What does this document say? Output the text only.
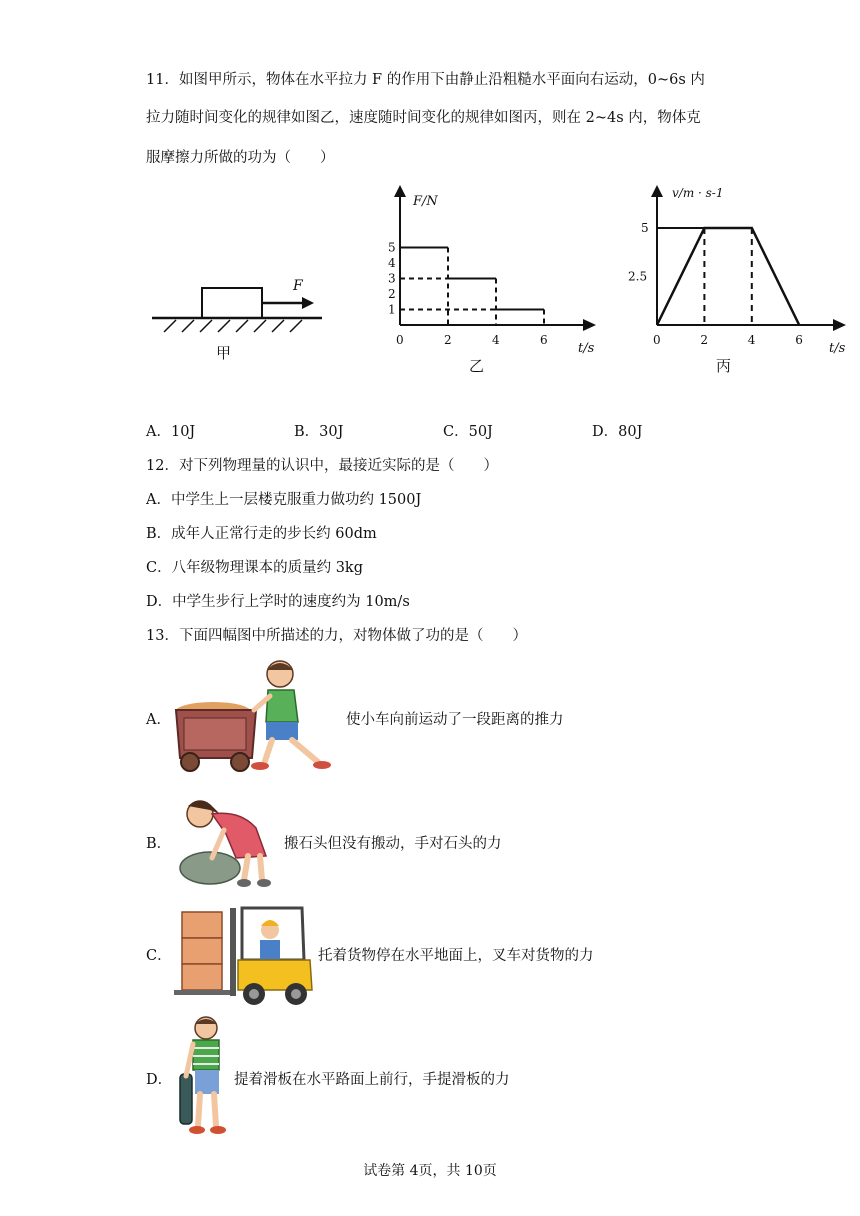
11．如图甲所示，物体在水平拉力 F 的作用下由静止沿粗糙水平面向右运动，0~6s 内
拉力随时间变化的规律如图乙，速度随时间变化的规律如图丙，则在 2~4s 内，物体克
服摩擦力所做的功为（　　）
F
甲
F/N
t/s
乙
0	2	4	6
1
2
3
4
5
v/m · s-1
t/s
丙
0	2	4	6
2.5
5
A．10J	B．30J	C．50J	D．80J
12．对下列物理量的认识中，最接近实际的是（　　）
A．中学生上一层楼克服重力做功约 1500J
B．成年人正常行走的步长约 60dm
C．八年级物理课本的质量约 3kg
D．中学生步行上学时的速度约为 10m/s
13．下面四幅图中所描述的力，对物体做了功的是（　　）
A．	使小车向前运动了一段距离的推力
B．	搬石头但没有搬动，手对石头的力
C．	托着货物停在水平地面上，叉车对货物的力
D．	提着滑板在水平路面上前行，手提滑板的力
试卷第 4页，共 10页
